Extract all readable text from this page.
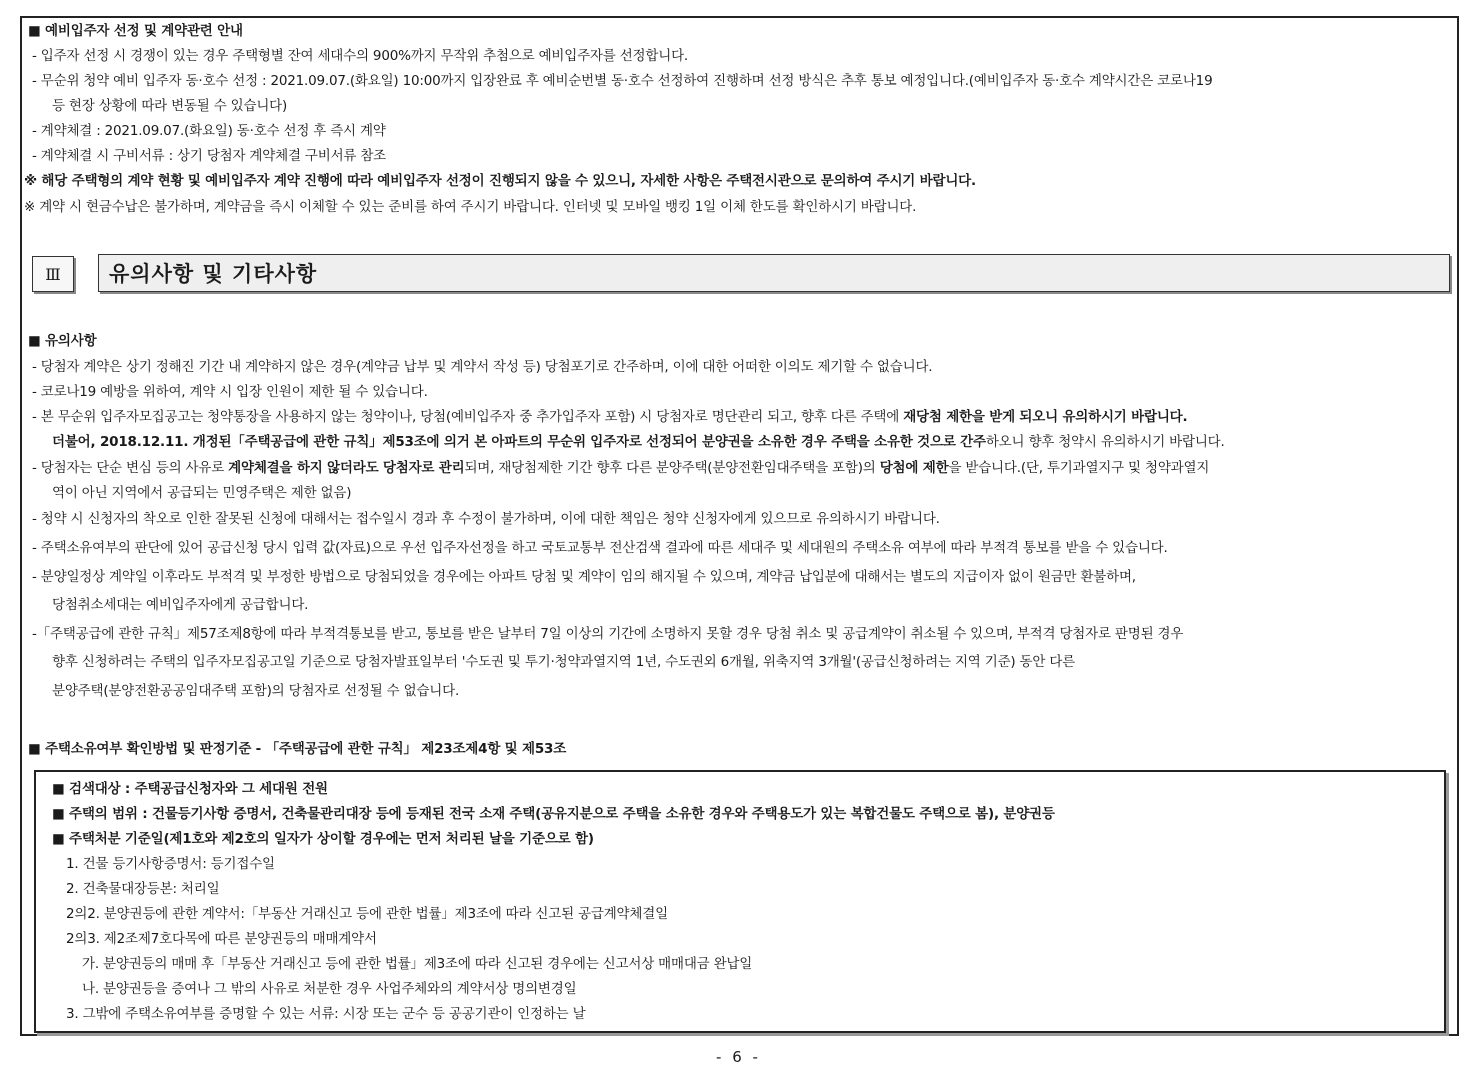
■ 예비입주자 선정 및 계약관련 안내
- 입주자 선정 시 경쟁이 있는 경우 주택형별 잔여 세대수의 900%까지 무작위 추첨으로 예비입주자를 선정합니다.
- 무순위 청약 예비 입주자 동·호수 선정 : 2021.09.07.(화요일) 10:00까지 입장완료 후 예비순번별 동·호수 선정하여 진행하며 선정 방식은 추후 통보 예정입니다.(예비입주자 동·호수 계약시간은 코로나19
등 현장 상황에 따라 변동될 수 있습니다)
- 계약체결 : 2021.09.07.(화요일) 동·호수 선정 후 즉시 계약
- 계약체결 시 구비서류 : 상기 당첨자 계약체결 구비서류 참조
※ 해당 주택형의 계약 현황 및 예비입주자 계약 진행에 따라 예비입주자 선정이 진행되지 않을 수 있으니, 자세한 사항은 주택전시관으로 문의하여 주시기 바랍니다.
※ 계약 시 현금수납은 불가하며, 계약금을 즉시 이체할 수 있는 준비를 하여 주시기 바랍니다. 인터넷 및 모바일 뱅킹 1일 이체 한도를 확인하시기 바랍니다.
Ⅲ	유의사항 및 기타사항
■ 유의사항
- 당첨자 계약은 상기 정해진 기간 내 계약하지 않은 경우(계약금 납부 및 계약서 작성 등) 당첨포기로 간주하며, 이에 대한 어떠한 이의도 제기할 수 없습니다.
- 코로나19 예방을 위하여, 계약 시 입장 인원이 제한 될 수 있습니다.
- 본 무순위 입주자모집공고는 청약통장을 사용하지 않는 청약이나, 당첨(예비입주자 중 추가입주자 포함) 시 당첨자로 명단관리 되고, 향후 다른 주택에 재당첨 제한을 받게 되오니 유의하시기 바랍니다.
더불어, 2018.12.11. 개정된「주택공급에 관한 규칙」제53조에 의거 본 아파트의 무순위 입주자로 선정되어 분양권을 소유한 경우 주택을 소유한 것으로 간주하오니 향후 청약시 유의하시기 바랍니다.
- 당첨자는 단순 변심 등의 사유로 계약체결을 하지 않더라도 당첨자로 관리되며, 재당첨제한 기간 향후 다른 분양주택(분양전환임대주택을 포함)의 당첨에 제한을 받습니다.(단, 투기과열지구 및 청약과열지
역이 아닌 지역에서 공급되는 민영주택은 제한 없음)
- 청약 시 신청자의 착오로 인한 잘못된 신청에 대해서는 접수일시 경과 후 수정이 불가하며, 이에 대한 책임은 청약 신청자에게 있으므로 유의하시기 바랍니다.
- 주택소유여부의 판단에 있어 공급신청 당시 입력 값(자료)으로 우선 입주자선정을 하고 국토교통부 전산검색 결과에 따른 세대주 및 세대원의 주택소유 여부에 따라 부적격 통보를 받을 수 있습니다.
- 분양일정상 계약일 이후라도 부적격 및 부정한 방법으로 당첨되었을 경우에는 아파트 당첨 및 계약이 임의 해지될 수 있으며, 계약금 납입분에 대해서는 별도의 지급이자 없이 원금만 환불하며,
당첨취소세대는 예비입주자에게 공급합니다.
-「주택공급에 관한 규칙」제57조제8항에 따라 부적격통보를 받고, 통보를 받은 날부터 7일 이상의 기간에 소명하지 못할 경우 당첨 취소 및 공급계약이 취소될 수 있으며, 부적격 당첨자로 판명된 경우
향후 신청하려는 주택의 입주자모집공고일 기준으로 당첨자발표일부터 '수도권 및 투기·청약과열지역 1년, 수도권외 6개월, 위축지역 3개월'(공급신청하려는 지역 기준) 동안 다른
분양주택(분양전환공공임대주택 포함)의 당첨자로 선정될 수 없습니다.
■ 주택소유여부 확인방법 및 판정기준 - 「주택공급에 관한 규칙」 제23조제4항 및 제53조
■ 검색대상 : 주택공급신청자와 그 세대원 전원
■ 주택의 범위 : 건물등기사항 증명서, 건축물관리대장 등에 등재된 전국 소재 주택(공유지분으로 주택을 소유한 경우와 주택용도가 있는 복합건물도 주택으로 봄), 분양권등
■ 주택처분 기준일(제1호와 제2호의 일자가 상이할 경우에는 먼저 처리된 날을 기준으로 함)
1. 건물 등기사항증명서: 등기접수일
2. 건축물대장등본: 처리일
2의2. 분양권등에 관한 계약서:「부동산 거래신고 등에 관한 법률」제3조에 따라 신고된 공급계약체결일
2의3. 제2조제7호다목에 따른 분양권등의 매매계약서
가. 분양권등의 매매 후「부동산 거래신고 등에 관한 법률」제3조에 따라 신고된 경우에는 신고서상 매매대금 완납일
나. 분양권등을 증여나 그 밖의 사유로 처분한 경우 사업주체와의 계약서상 명의변경일
3. 그밖에 주택소유여부를 증명할 수 있는 서류: 시장 또는 군수 등 공공기관이 인정하는 날
- 6 -
